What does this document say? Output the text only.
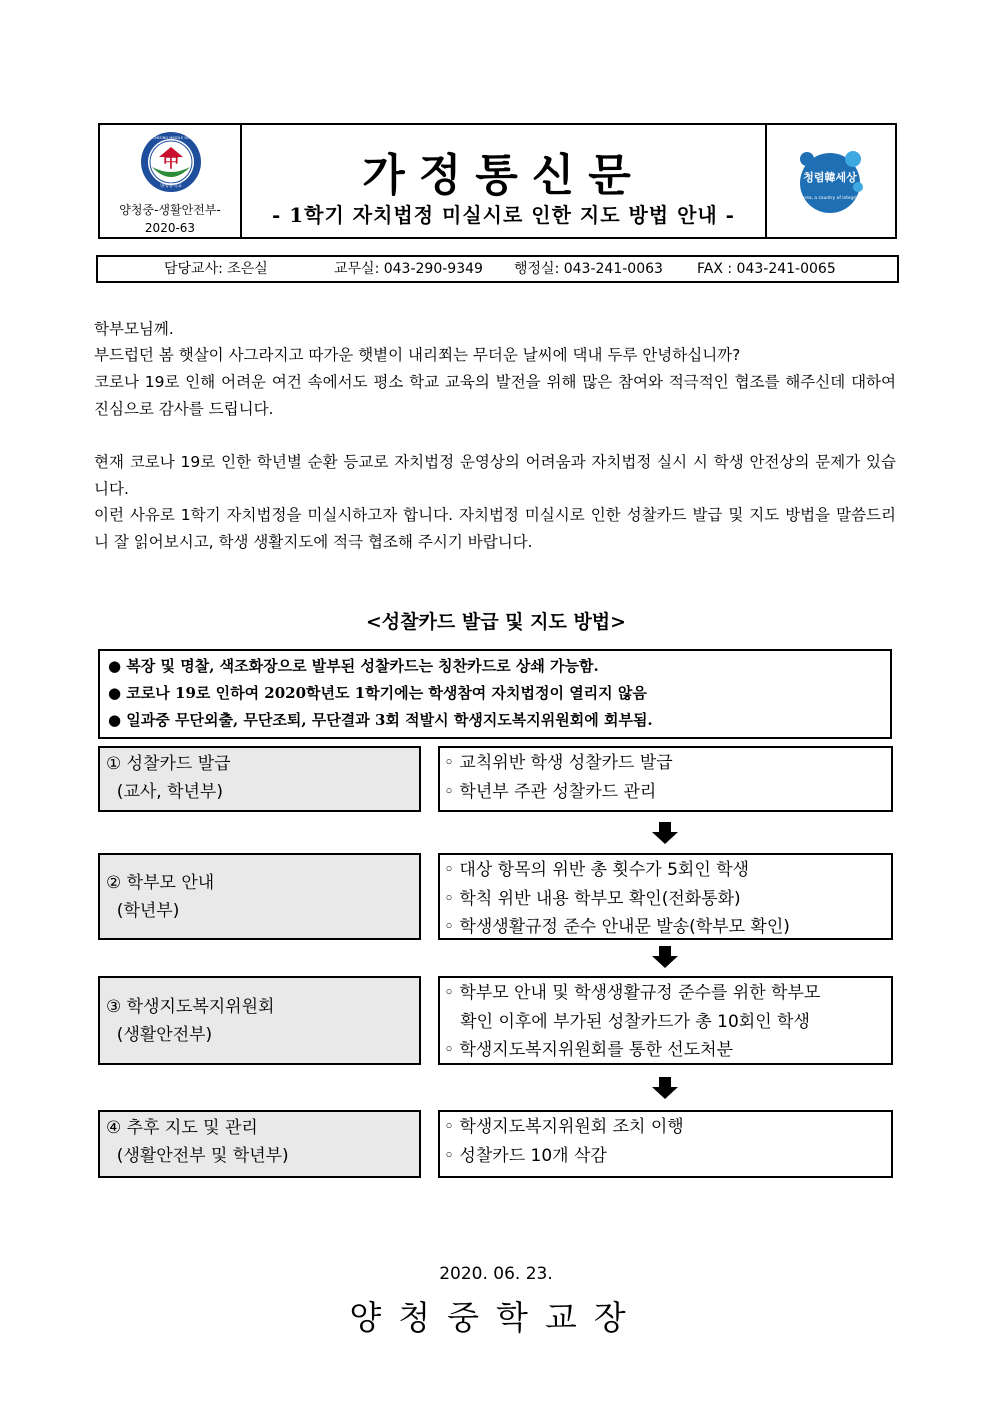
中
양청중학교
YANGCHEONG MIDDLE SCHOOL
양청중-생활안전부-
2020-63
가정통신문
- 1학기 자치법정 미실시로 인한 지도 방법 안내 -
청렴韓세상
Korea, a country of integrity
담당교사: 조은실	교무실: 043-290-9349 행정실: 043-241-0063 FAX : 043-241-0065
학부모님께.
부드럽던 봄 햇살이 사그라지고 따가운 햇볕이 내리쬐는 무더운 날씨에 댁내 두루 안녕하십니까?
코로나 19로 인해 어려운 여건 속에서도 평소 학교 교육의 발전을 위해 많은 참여와 적극적인 협조를 해주신데 대하여 진심으로 감사를 드립니다.
현재 코로나 19로 인한 학년별 순환 등교로 자치법정 운영상의 어려움과 자치법정 실시 시 학생 안전상의 문제가 있습니다.
이런 사유로 1학기 자치법정을 미실시하고자 합니다. 자치법정 미실시로 인한 성찰카드 발급 및 지도 방법을 말씀드리니 잘 읽어보시고, 학생 생활지도에 적극 협조해 주시기 바랍니다.
<성찰카드 발급 및 지도 방법>
● 복장 및 명찰, 색조화장으로 발부된 성찰카드는 칭찬카드로 상쇄 가능함.
● 코로나 19로 인하여 2020학년도 1학기에는 학생참여 자치법정이 열리지 않음
● 일과중 무단외출, 무단조퇴, 무단결과 3회 적발시 학생지도복지위원회에 회부됨.
① 성찰카드 발급
(교사, 학년부)
◦ 교칙위반 학생 성찰카드 발급
◦ 학년부 주관 성찰카드 관리
② 학부모 안내
(학년부)
◦ 대상 항목의 위반 총 횟수가 5회인 학생
◦ 학칙 위반 내용 학부모 확인(전화통화)
◦ 학생생활규정 준수 안내문 발송(학부모 확인)
③ 학생지도복지위원회
(생활안전부)
◦ 학부모 안내 및 학생생활규정 준수를 위한 학부모
확인 이후에 부가된 성찰카드가 총 10회인 학생
◦ 학생지도복지위원회를 통한 선도처분
④ 추후 지도 및 관리
(생활안전부 및 학년부)
◦ 학생지도복지위원회 조치 이행
◦ 성찰카드 10개 삭감
2020. 06. 23.
양청중학교장
